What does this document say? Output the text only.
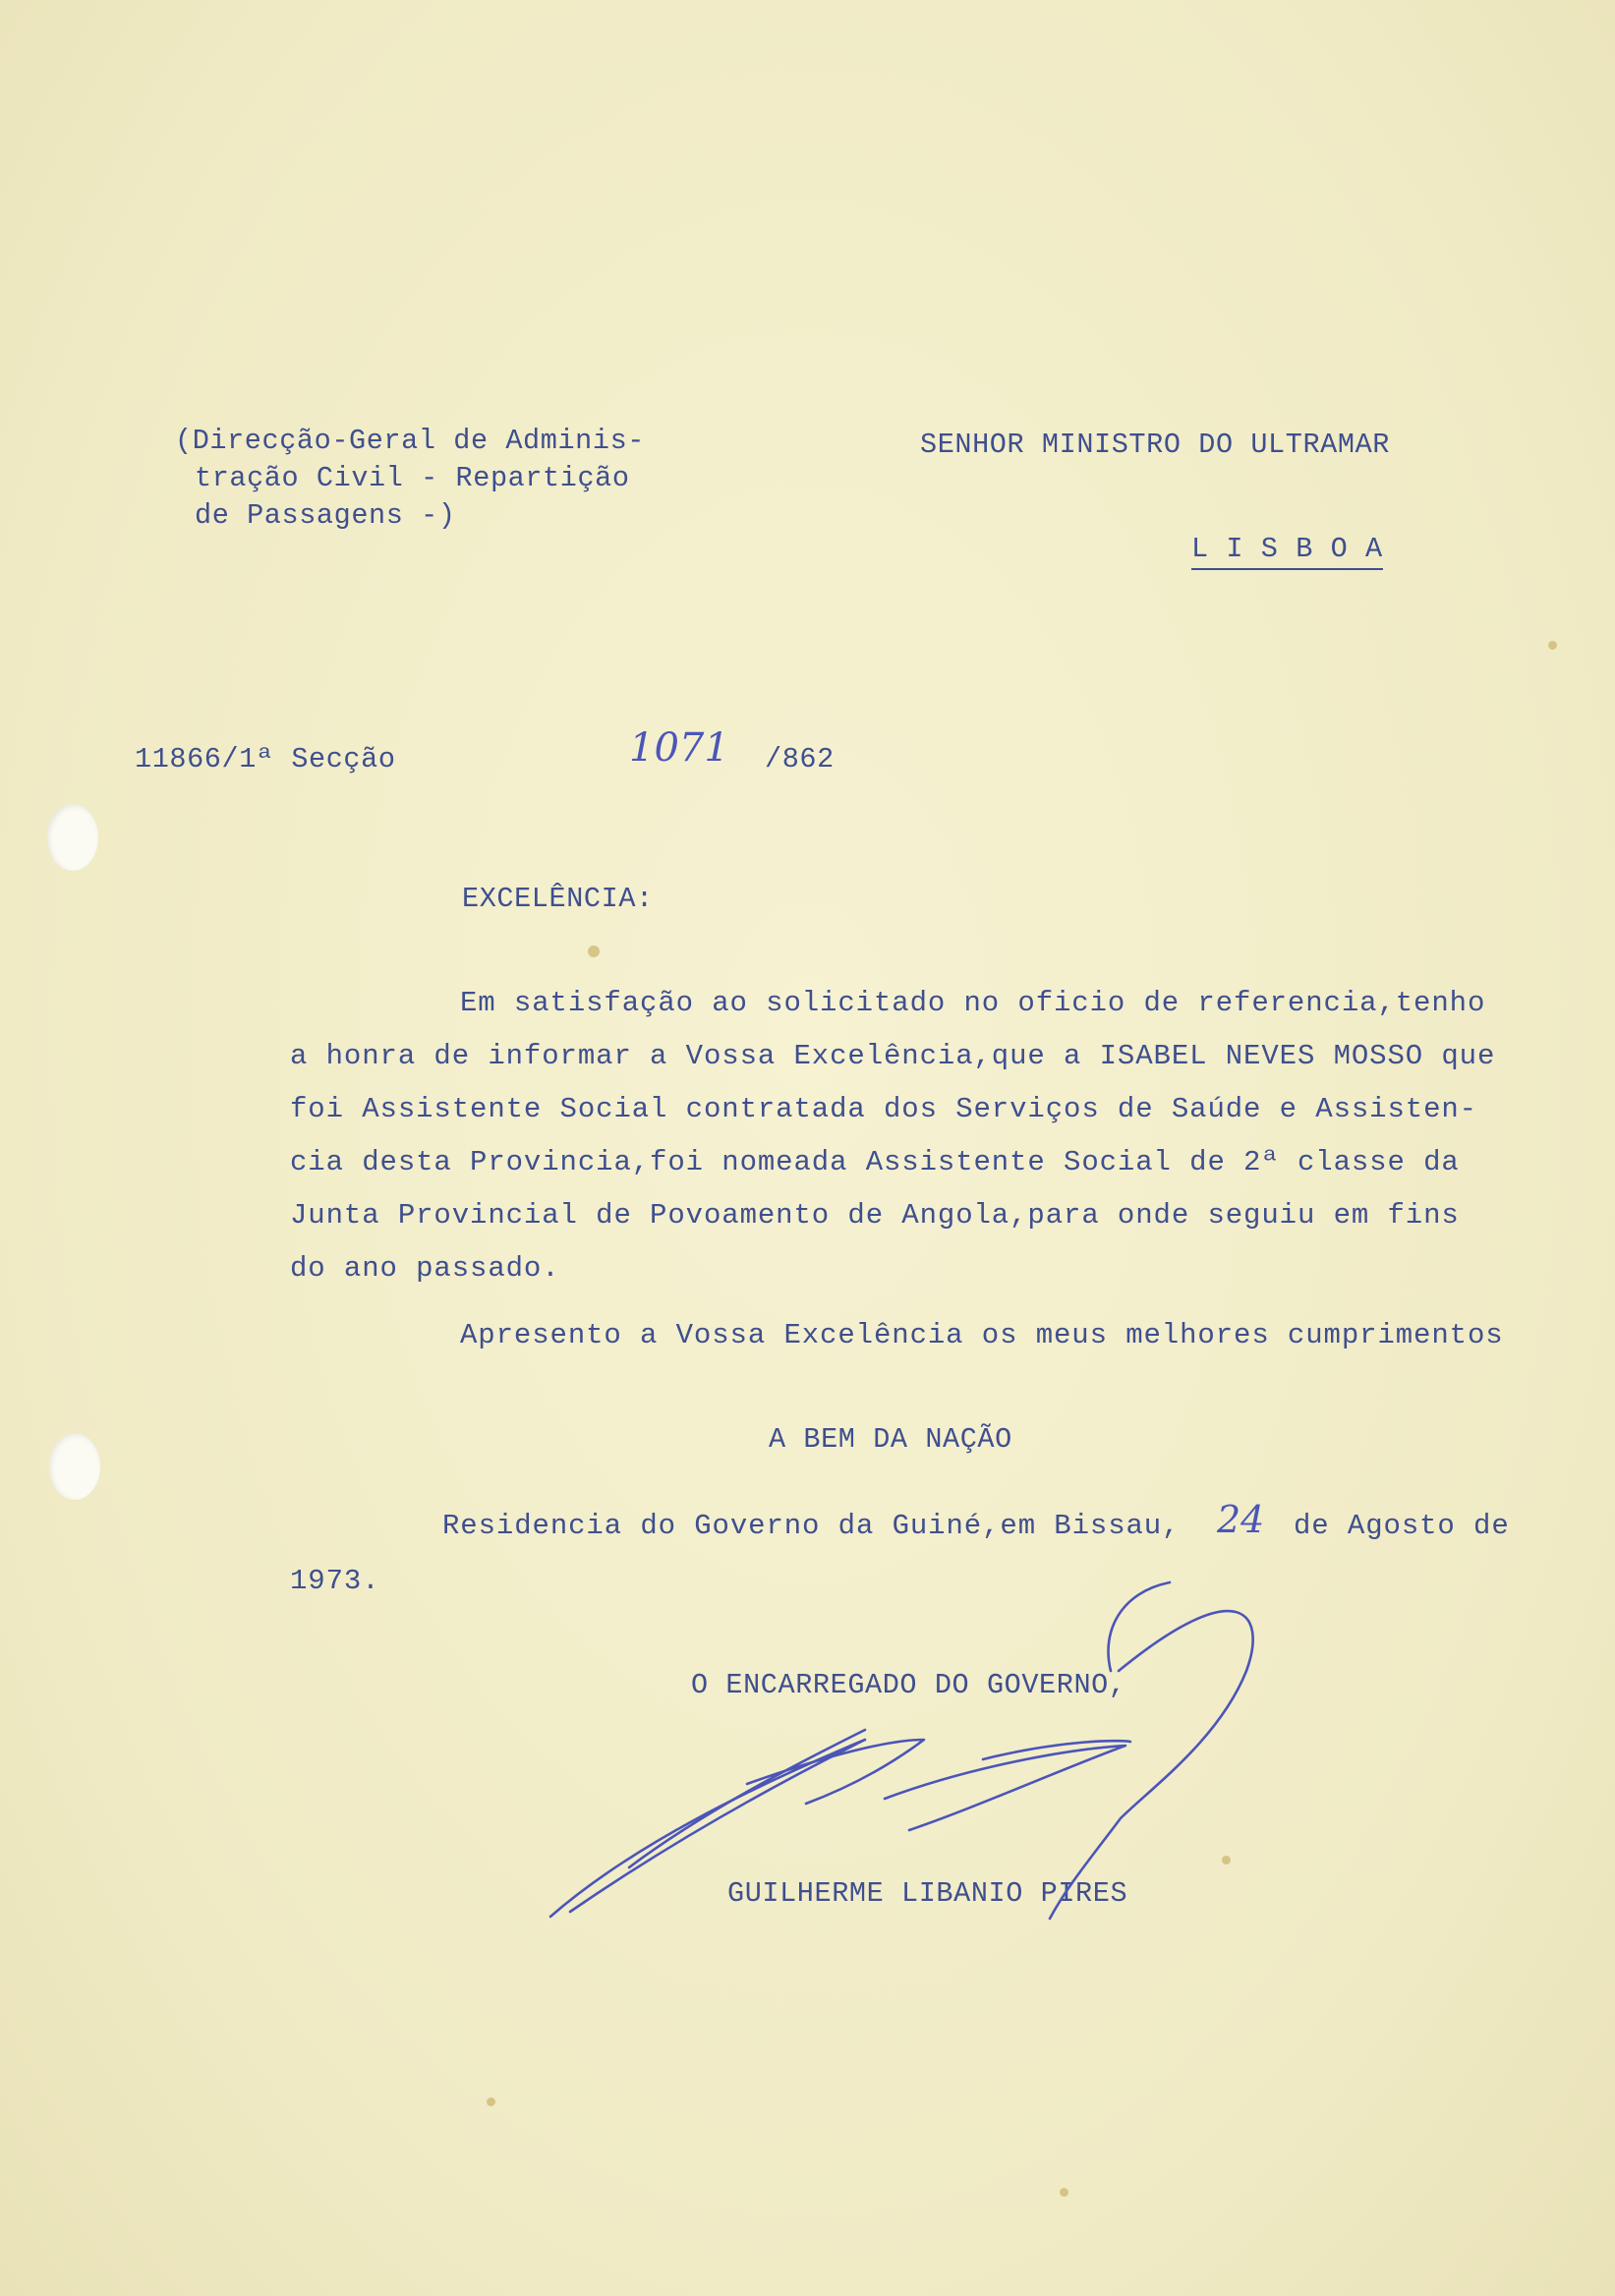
(Direcção-Geral de Adminis-
tração Civil - Repartição
de Passagens -)
SENHOR MINISTRO DO ULTRAMAR
L I S B O A
11866/1ª Secção	1071 /862
EXCELÊNCIA:
Em satisfação ao solicitado no oficio de referencia,tenho
a honra de informar a Vossa Excelência,que a ISABEL NEVES MOSSO que
foi Assistente Social contratada dos Serviços de Saúde e Assisten-
cia desta Provincia,foi nomeada Assistente Social de 2ª classe da
Junta Provincial de Povoamento de Angola,para onde seguiu em fins
do ano passado.
Apresento a Vossa Excelência os meus melhores cumprimentos
A BEM DA NAÇÃO
Residencia do Governo da Guiné,em Bissau, 24 de Agosto de
1973.
O ENCARREGADO DO GOVERNO,
GUILHERME LIBANIO PIRES
